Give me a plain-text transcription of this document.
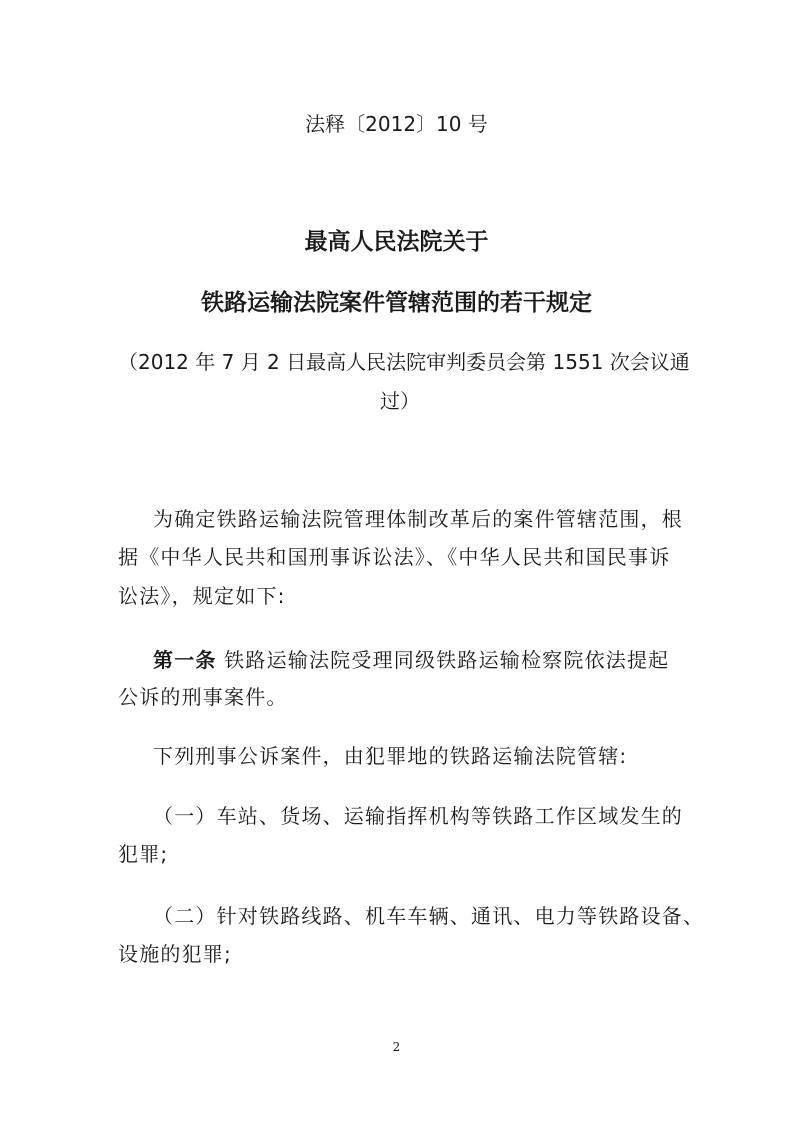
法释〔2012〕10 号
最高人民法院关于
铁路运输法院案件管辖范围的若干规定
（2012 年 7 月 2 日最高人民法院审判委员会第 1551 次会议通
过）
为确定铁路运输法院管理体制改革后的案件管辖范围，根
据《中华人民共和国刑事诉讼法》、《中华人民共和国民事诉
讼法》，规定如下:
第一条 铁路运输法院受理同级铁路运输检察院依法提起
公诉的刑事案件。
下列刑事公诉案件，由犯罪地的铁路运输法院管辖:
（一）车站、货场、运输指挥机构等铁路工作区域发生的
犯罪;
（二）针对铁路线路、机车车辆、通讯、电力等铁路设备、
设施的犯罪;
2
